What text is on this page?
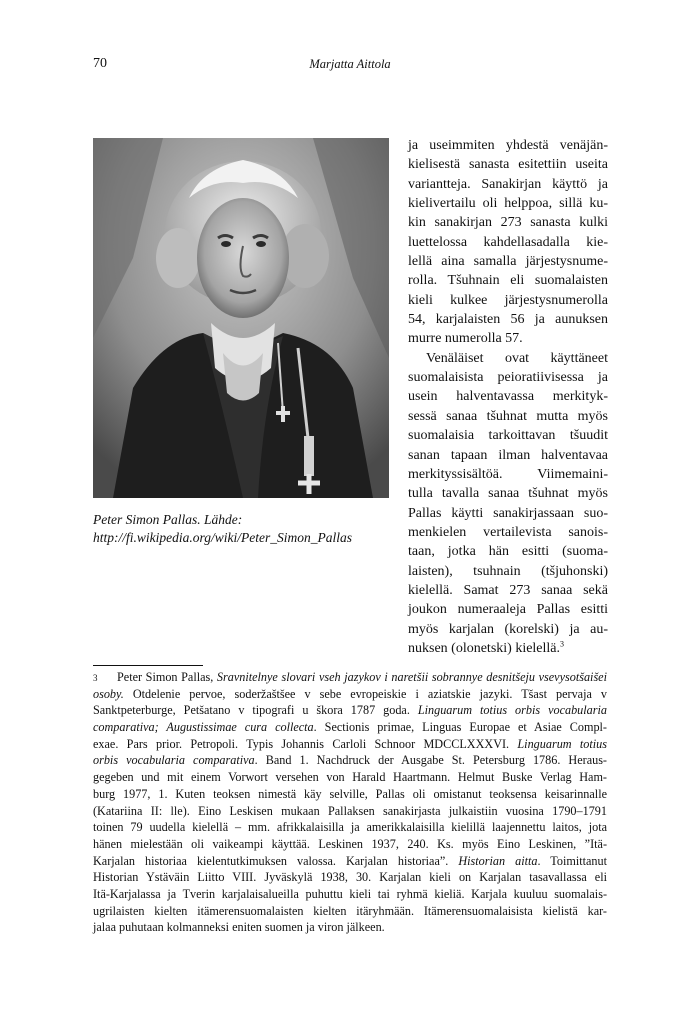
70	Marjatta Aittola
Peter Simon Pallas. Lähde:
http://fi.wikipedia.org/wiki/Peter_Simon_Pallas
ja useimmiten yhdestä venäjän-
kielisestä sanasta esitettiin useita
variantteja. Sanakirjan käyttö ja
kielivertailu oli helppoa, sillä ku-
kin sanakirjan 273 sanasta kulki
luettelossa kahdellasadalla kie-
lellä aina samalla järjestysnume-
rolla. Tšuhnain eli suomalaisten
kieli kulkee järjestysnumerolla
54, karjalaisten 56 ja aunuksen
murre numerolla 57.
Venäläiset ovat käyttäneet
suomalaisista peioratiivisessa ja
usein halventavassa merkityk-
sessä sanaa tšuhnat mutta myös
suomalaisia tarkoittavan tšuudit
sanan tapaan ilman halventavaa
merkityssisältöä. Viimemaini-
tulla tavalla sanaa tšuhnat myös
Pallas käytti sanakirjassaan suo-
menkielen vertailevista sanois-
taan, jotka hän esitti (suoma-
laisten), tsuhnain (tšjuhonski)
kielellä. Samat 273 sanaa sekä
joukon numeraaleja Pallas esitti
myös karjalan (korelski) ja au-
nuksen (olonetski) kielellä.$^3$
3 Peter Simon Pallas, Sravnitelnye slovari vseh jazykov i naretšii sobrannye desnitšeju vsevysotšaišei
osoby. Otdelenie pervoe, soderžaštšee v sebe evropeiskie i aziatskie jazyki. Tšast pervaja v
Sanktpeterburge, Petšatano v tipografi u škora 1787 goda. Linguarum totius orbis vocabularia
comparativa; Augustissimae cura collecta. Sectionis primae, Linguas Europae et Asiae Compl-
exae. Pars prior. Petropoli. Typis Johannis Carloli Schnoor MDCCLXXXVI. Linguarum totius
orbis vocabularia comparativa. Band 1. Nachdruck der Ausgabe St. Petersburg 1786. Heraus-
gegeben und mit einem Vorwort versehen von Harald Haartmann. Helmut Buske Verlag Ham-
burg 1977, 1. Kuten teoksen nimestä käy selville, Pallas oli omistanut teoksensa keisarinnalle
(Katariina II: lle). Eino Leskisen mukaan Pallaksen sanakirjasta julkaistiin vuosina 1790–1791
toinen 79 uudella kielellä – mm. afrikkalaisilla ja amerikkalaisilla kielillä laajennettu laitos, jota
hänen mielestään oli vaikeampi käyttää. Leskinen 1937, 240. Ks. myös Eino Leskinen, ”Itä-
Karjalan historiaa kielentutkimuksen valossa. Karjalan historiaa”. Historian aitta. Toimittanut
Historian Ystäväin Liitto VIII. Jyväskylä 1938, 30. Karjalan kieli on Karjalan tasavallassa eli
Itä-Karjalassa ja Tverin karjalaisalueilla puhuttu kieli tai ryhmä kieliä. Karjala kuuluu suomalais-
ugrilaisten kielten itämerensuomalaisten kielten itäryhmään. Itämerensuomalaisista kielistä kar-
jalaa puhutaan kolmanneksi eniten suomen ja viron jälkeen.
